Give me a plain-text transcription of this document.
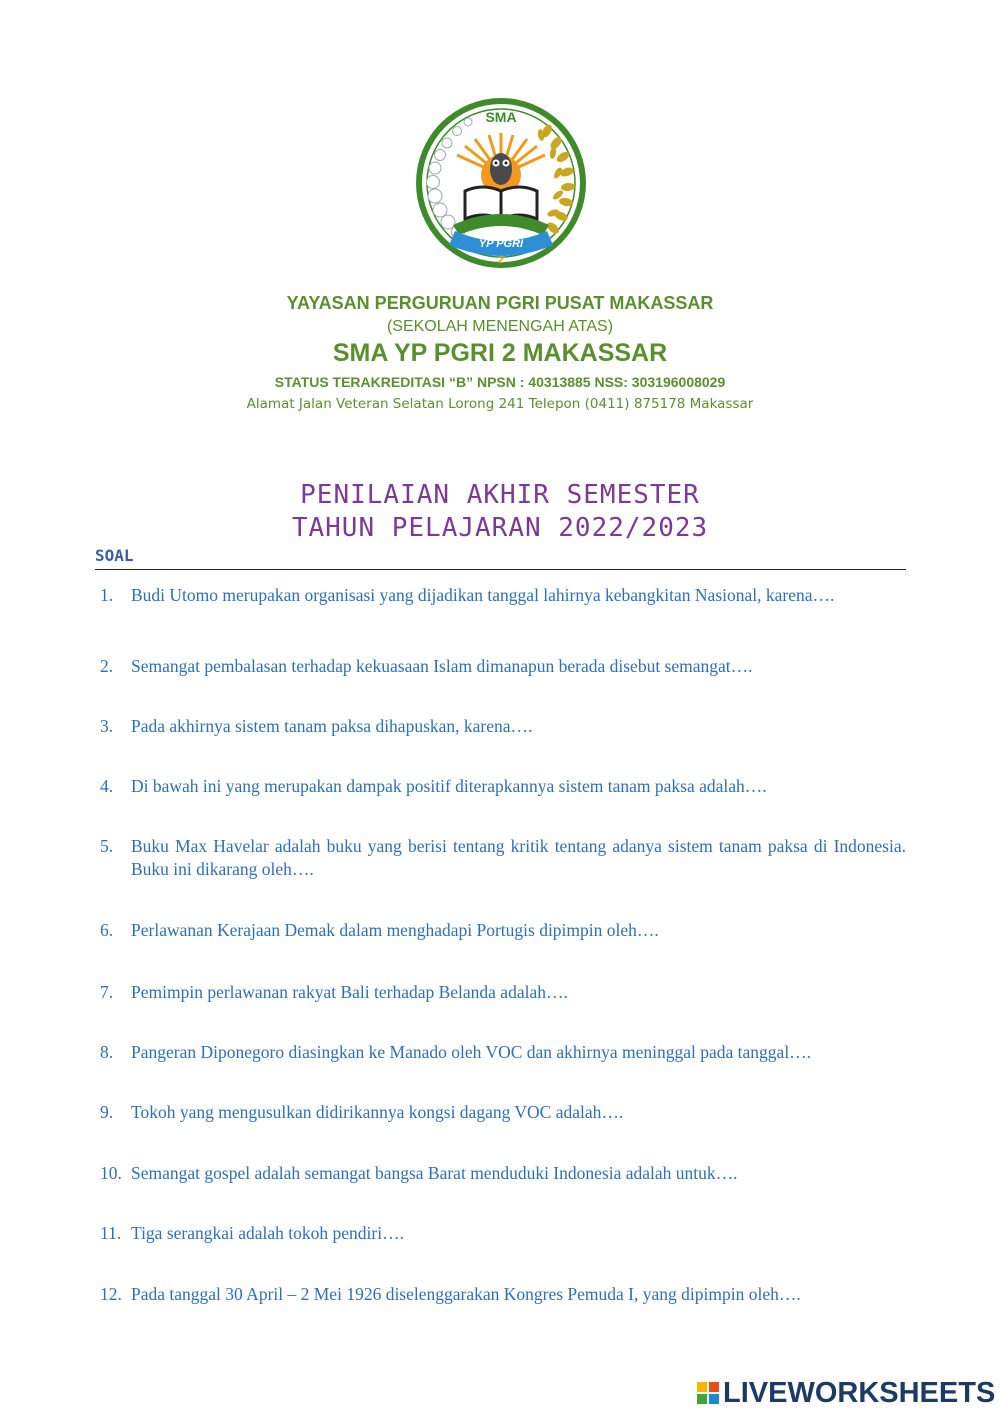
YP PGRI
SMA
2
YAYASAN PERGURUAN PGRI PUSAT MAKASSAR
(SEKOLAH MENENGAH ATAS)
SMA YP PGRI 2 MAKASSAR
STATUS TERAKREDITASI “B” NPSN : 40313885 NSS: 303196008029
Alamat Jalan Veteran Selatan Lorong 241 Telepon (0411) 875178 Makassar
PENILAIAN AKHIR SEMESTER
TAHUN PELAJARAN 2022/2023
SOAL
1.	Budi Utomo merupakan organisasi yang dijadikan tanggal lahirnya kebangkitan Nasional, karena….
2.	Semangat pembalasan terhadap kekuasaan Islam dimanapun berada disebut semangat….
3.	Pada akhirnya sistem tanam paksa dihapuskan, karena….
4.	Di bawah ini yang merupakan dampak positif diterapkannya sistem tanam paksa adalah….
5.	Buku Max Havelar adalah buku yang berisi tentang kritik tentang adanya sistem tanam paksa di Indonesia. Buku ini dikarang oleh….
6.	Perlawanan Kerajaan Demak dalam menghadapi Portugis dipimpin oleh….
7.	Pemimpin perlawanan rakyat Bali terhadap Belanda adalah….
8.	Pangeran Diponegoro diasingkan ke Manado oleh VOC dan akhirnya meninggal pada tanggal….
9.	Tokoh yang mengusulkan didirikannya kongsi dagang VOC adalah….
10. Semangat gospel adalah semangat bangsa Barat menduduki Indonesia adalah untuk….
11. Tiga serangkai adalah tokoh pendiri….
12. Pada tanggal 30 April – 2 Mei 1926 diselenggarakan Kongres Pemuda I, yang dipimpin oleh….
LIVEWORKSHEETS
